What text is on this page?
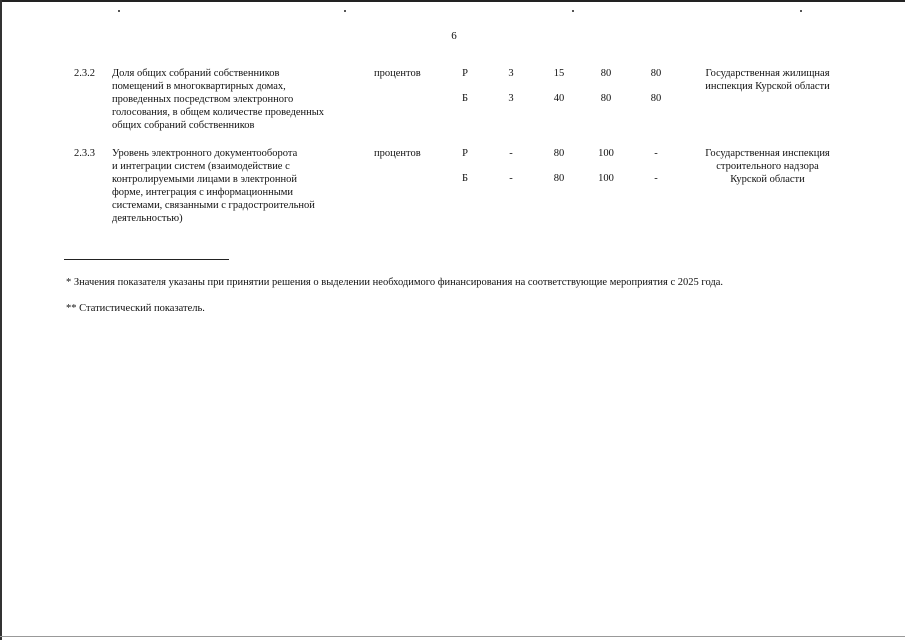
6
2.3.2 Доля общих собраний собственников
помещений в многоквартирных домах,
проведенных посредством электронного
голосования, в общем количестве проведенных
общих собраний собственников
процентов	Р	3	15	80	80
Б	3	40	80	80
Государственная жилищная
инспекция Курской области
2.3.3 Уровень электронного документооборота
и интеграции систем (взаимодействие с
контролируемыми лицами в электронной
форме, интеграция с информационными
системами, связанными с градостроительной
деятельностью)
процентов	Р	-	80	100	-
Б	-	80	100	-
Государственная инспекция
строительного надзора
Курской области
* Значения показателя указаны при принятии решения о выделении необходимого финансирования на соответствующие мероприятия с 2025 года.
** Статистический показатель.
